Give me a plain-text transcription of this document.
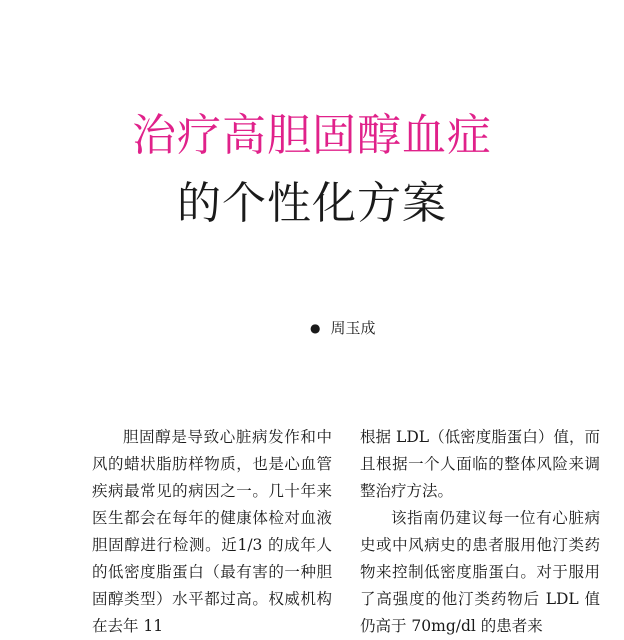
治疗高胆固醇血症
的个性化方案
● 周玉成

胆固醇是导致心脏病发作和中风的蜡状脂肪样物质，也是心血管疾病最常见的病因之一。几十年来医生都会在每年的健康体检对血液胆固醇进行检测。近1/3 的成年人的低密度脂蛋白（最有害的一种胆固醇类型）水平都过高。权威机构在去年 11

根据 LDL（低密度脂蛋白）值，而且根据一个人面临的整体风险来调整治疗方法。

该指南仍建议每一位有心脏病史或中风病史的患者服用他汀类药物来控制低密度脂蛋白。对于服用了高强度的他汀类药物后 LDL 值仍高于 70mg/dl 的患者来
